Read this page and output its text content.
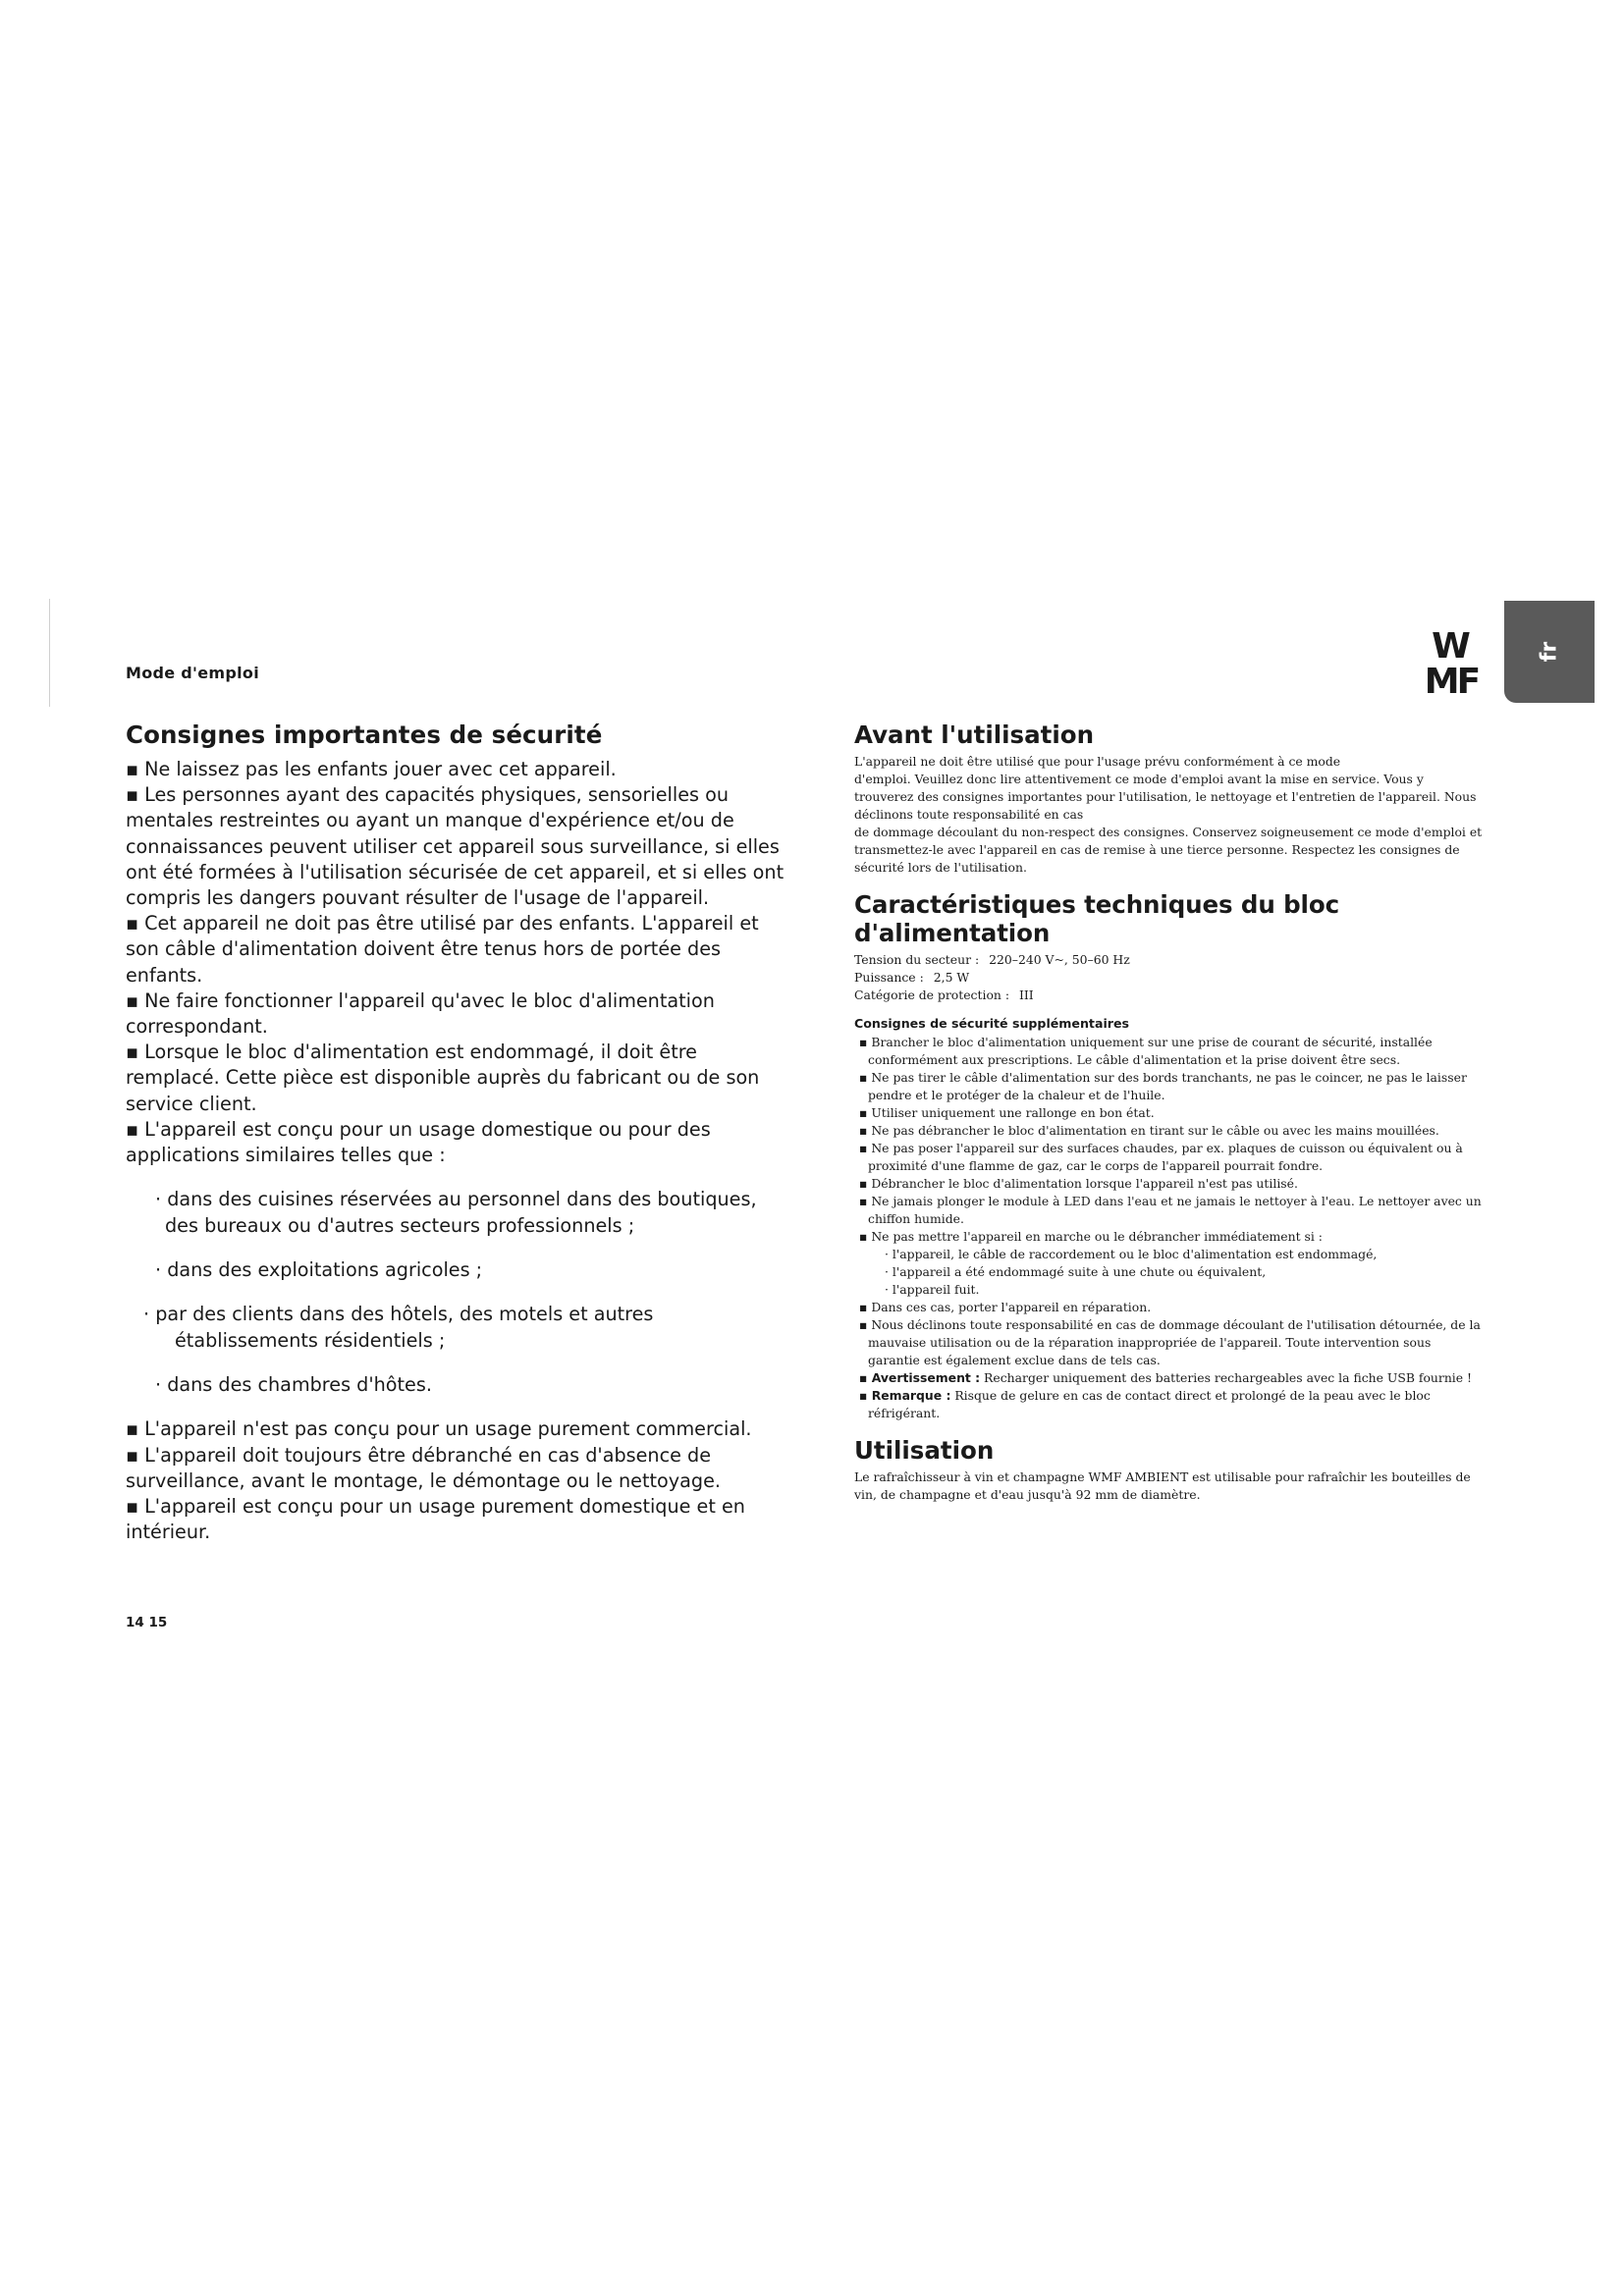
Mode d'emploi
W
MF
fr
Consignes importantes de sécurité

▪ Ne laissez pas les enfants jouer avec cet appareil.

▪ Les personnes ayant des capacités physiques, sensorielles ou mentales restreintes ou ayant un manque d'expérience et/ou de connaissances peuvent utiliser cet appareil sous surveillance, si elles ont été formées à l'utilisation sécurisée de cet appareil, et si elles ont compris les dangers pouvant résulter de l'usage de l'appareil.

▪ Cet appareil ne doit pas être utilisé par des enfants. L'appareil et son câble d'alimentation doivent être tenus hors de portée des enfants.

▪ Ne faire fonctionner l'appareil qu'avec le bloc d'alimentation correspondant.

▪ Lorsque le bloc d'alimentation est endommagé, il doit être remplacé. Cette pièce est disponible auprès du fabricant ou de son service client.

▪ L'appareil est conçu pour un usage domestique ou pour des applications similaires telles que :

· dans des cuisines réservées au personnel dans des boutiques, des bureaux ou d'autres secteurs professionnels ;

· dans des exploitations agricoles ;

· par des clients dans des hôtels, des motels et autres établissements résidentiels ;

· dans des chambres d'hôtes.

▪ L'appareil n'est pas conçu pour un usage purement commercial.

▪ L'appareil doit toujours être débranché en cas d'absence de surveillance, avant le montage, le démontage ou le nettoyage.

▪ L'appareil est conçu pour un usage purement domestique et en intérieur.

Avant l'utilisation

L'appareil ne doit être utilisé que pour l'usage prévu conformément à ce mode

d'emploi. Veuillez donc lire attentivement ce mode d'emploi avant la mise en service. Vous y trouverez des consignes importantes pour l'utilisation, le nettoyage et l'entretien de l'appareil. Nous déclinons toute responsabilité en cas

de dommage découlant du non-respect des consignes. Conservez soigneusement ce mode d'emploi et transmettez-le avec l'appareil en cas de remise à une tierce personne. Respectez les consignes de sécurité lors de l'utilisation.

Caractéristiques techniques du bloc d'alimentation

Tension du secteur : 220–240 V~, 50–60 Hz

Puissance : 2,5 W

Catégorie de protection : III

Consignes de sécurité supplémentaires

▪ Brancher le bloc d'alimentation uniquement sur une prise de courant de sécurité, installée conformément aux prescriptions. Le câble d'alimentation et la prise doivent être secs.

▪ Ne pas tirer le câble d'alimentation sur des bords tranchants, ne pas le coincer, ne pas le laisser pendre et le protéger de la chaleur et de l'huile.

▪ Utiliser uniquement une rallonge en bon état.

▪ Ne pas débrancher le bloc d'alimentation en tirant sur le câble ou avec les mains mouillées.

▪ Ne pas poser l'appareil sur des surfaces chaudes, par ex. plaques de cuisson ou équivalent ou à proximité d'une flamme de gaz, car le corps de l'appareil pourrait fondre.

▪ Débrancher le bloc d'alimentation lorsque l'appareil n'est pas utilisé.

▪ Ne jamais plonger le module à LED dans l'eau et ne jamais le nettoyer à l'eau. Le nettoyer avec un chiffon humide.

▪ Ne pas mettre l'appareil en marche ou le débrancher immédiatement si :

· l'appareil, le câble de raccordement ou le bloc d'alimentation est endommagé,

· l'appareil a été endommagé suite à une chute ou équivalent,

· l'appareil fuit.

▪ Dans ces cas, porter l'appareil en réparation.

▪ Nous déclinons toute responsabilité en cas de dommage découlant de l'utilisation détournée, de la mauvaise utilisation ou de la réparation inappropriée de l'appareil. Toute intervention sous garantie est également exclue dans de tels cas.

▪ Avertissement : Recharger uniquement des batteries rechargeables avec la fiche USB fournie !

▪ Remarque : Risque de gelure en cas de contact direct et prolongé de la peau avec le bloc réfrigérant.

Utilisation

Le rafraîchisseur à vin et champagne WMF AMBIENT est utilisable pour rafraîchir les bouteilles de vin, de champagne et d'eau jusqu'à 92 mm de diamètre.

14 15
